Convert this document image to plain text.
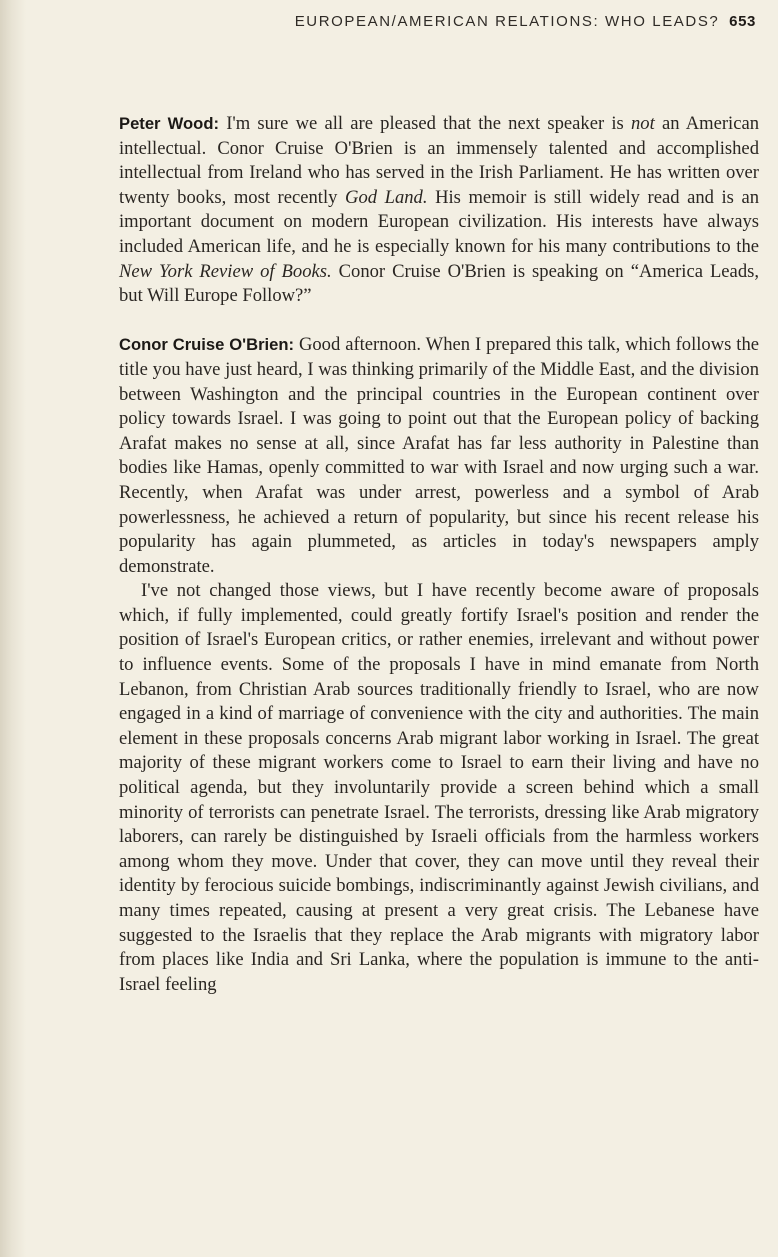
EUROPEAN/AMERICAN RELATIONS: WHO LEADS? 653

Peter Wood: I'm sure we all are pleased that the next speaker is not an American intellectual. Conor Cruise O'Brien is an immensely talented and accomplished intellectual from Ireland who has served in the Irish Parliament. He has written over twenty books, most recently God Land. His memoir is still widely read and is an important document on modern European civilization. His interests have always included American life, and he is especially known for his many contributions to the New York Review of Books. Conor Cruise O'Brien is speaking on “America Leads, but Will Europe Follow?”

Conor Cruise O'Brien: Good afternoon. When I prepared this talk, which follows the title you have just heard, I was thinking primarily of the Middle East, and the division between Washington and the principal countries in the European continent over policy towards Israel. I was going to point out that the European policy of backing Arafat makes no sense at all, since Arafat has far less authority in Palestine than bodies like Hamas, openly committed to war with Israel and now urging such a war. Recently, when Arafat was under arrest, powerless and a symbol of Arab powerlessness, he achieved a return of popularity, but since his recent release his popularity has again plummeted, as articles in today's newspapers amply demonstrate.

I've not changed those views, but I have recently become aware of proposals which, if fully implemented, could greatly fortify Israel's position and render the position of Israel's European critics, or rather enemies, irrelevant and without power to influence events. Some of the proposals I have in mind emanate from North Lebanon, from Christian Arab sources traditionally friendly to Israel, who are now engaged in a kind of marriage of convenience with the city and authorities. The main element in these proposals concerns Arab migrant labor working in Israel. The great majority of these migrant workers come to Israel to earn their living and have no political agenda, but they involuntarily provide a screen behind which a small minority of terrorists can penetrate Israel. The terrorists, dressing like Arab migratory laborers, can rarely be distinguished by Israeli officials from the harmless workers among whom they move. Under that cover, they can move until they reveal their identity by ferocious suicide bombings, indiscriminantly against Jewish civilians, and many times repeated, causing at present a very great crisis. The Lebanese have suggested to the Israelis that they replace the Arab migrants with migratory labor from places like India and Sri Lanka, where the population is immune to the anti-Israel feeling
